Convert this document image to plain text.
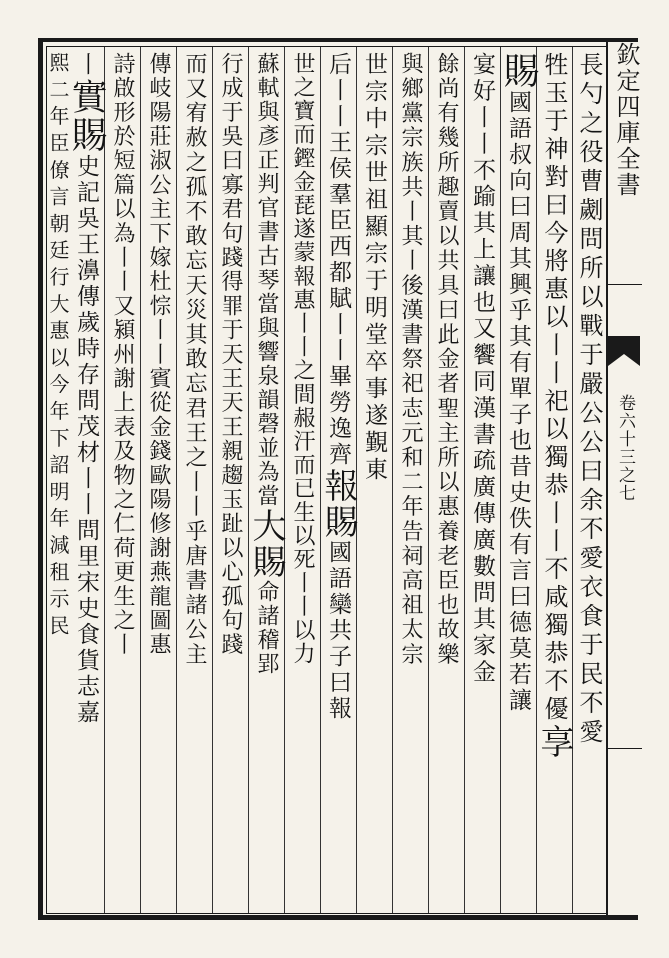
欽定四庫全書
卷六十三之七
長勺之役曹劌問所以戰于嚴公公曰余不愛衣食于民不愛
牲玉于神對曰今將惠以丨丨祀以獨恭丨丨不咸獨恭不優享
賜國語叔向曰周其興乎其有單子也昔史佚有言曰德莫若讓
宴好丨丨不踰其上讓也又饗同漢書疏廣傳廣數問其家金
餘尚有幾所趣賣以共具曰此金者聖主所以惠養老臣也故樂
與鄉黨宗族共丨其丨後漢書祭祀志元和二年告祠高祖太宗
世宗中宗世祖顯宗于明堂卒事遂覲東
后丨丨王侯羣臣西都賦丨丨畢勞逸齊報賜國語欒共子曰報
世之寶而鏗金琵遂蒙報惠丨丨之間赧汗而已生以死丨丨以力
蘇軾與彥正判官書古琴當與響泉韻磬並為當大賜命諸稽郢
行成于吳曰寡君句踐得罪于天王天王親趨玉趾以心孤句踐
而又宥赦之孤不敢忘天災其敢忘君王之丨丨乎唐書諸公主
傳岐陽莊淑公主下嫁杜悰丨丨賓從金錢歐陽修謝燕龍圖惠
詩啟形於短篇以為丨丨又潁州謝上表及物之仁荷更生之丨
丨實賜史記吳王濞傳歲時存問茂材丨丨問里宋史食貨志嘉
熙二年臣僚言朝廷行大惠以今年下詔明年減租示民
